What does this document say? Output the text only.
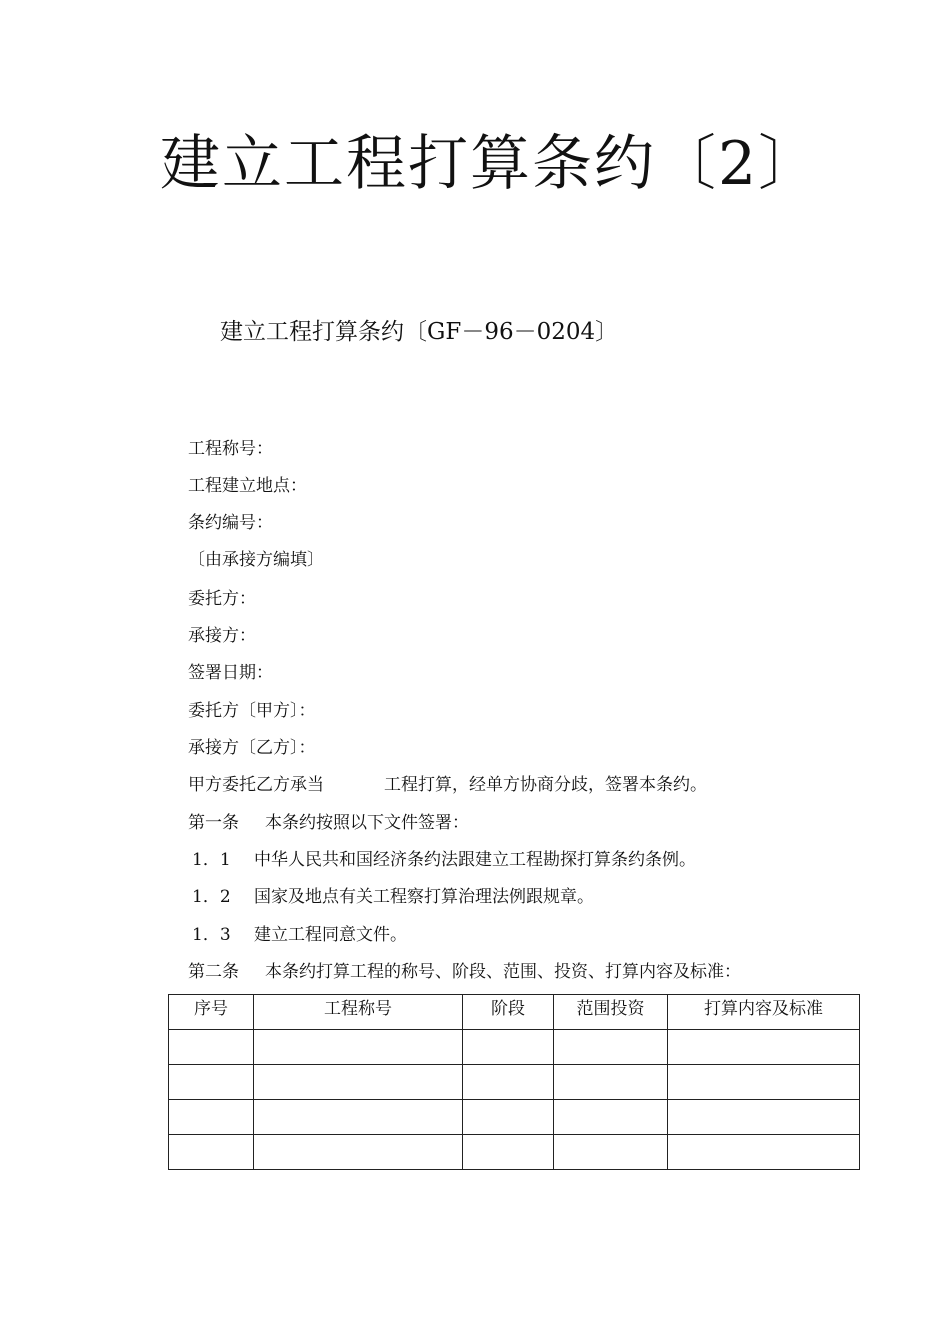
建立工程打算条约〔2〕
建立工程打算条约〔GF－96－0204〕
工程称号：
工程建立地点：
条约编号：
〔由承接方编填〕
委托方：
承接方：
签署日期：
委托方〔甲方〕：
承接方〔乙方〕：
甲方委托乙方承当	工程打算，经单方协商分歧，签署本条约。
第一条 本条约按照以下文件签署：
1．1 中华人民共和国经济条约法跟建立工程勘探打算条约条例。
1．2 国家及地点有关工程察打算治理法例跟规章。
1．3 建立工程同意文件。
第二条 本条约打算工程的称号、阶段、范围、投资、打算内容及标准：
序号	工程称号	阶段	范围投资	打算内容及标准
